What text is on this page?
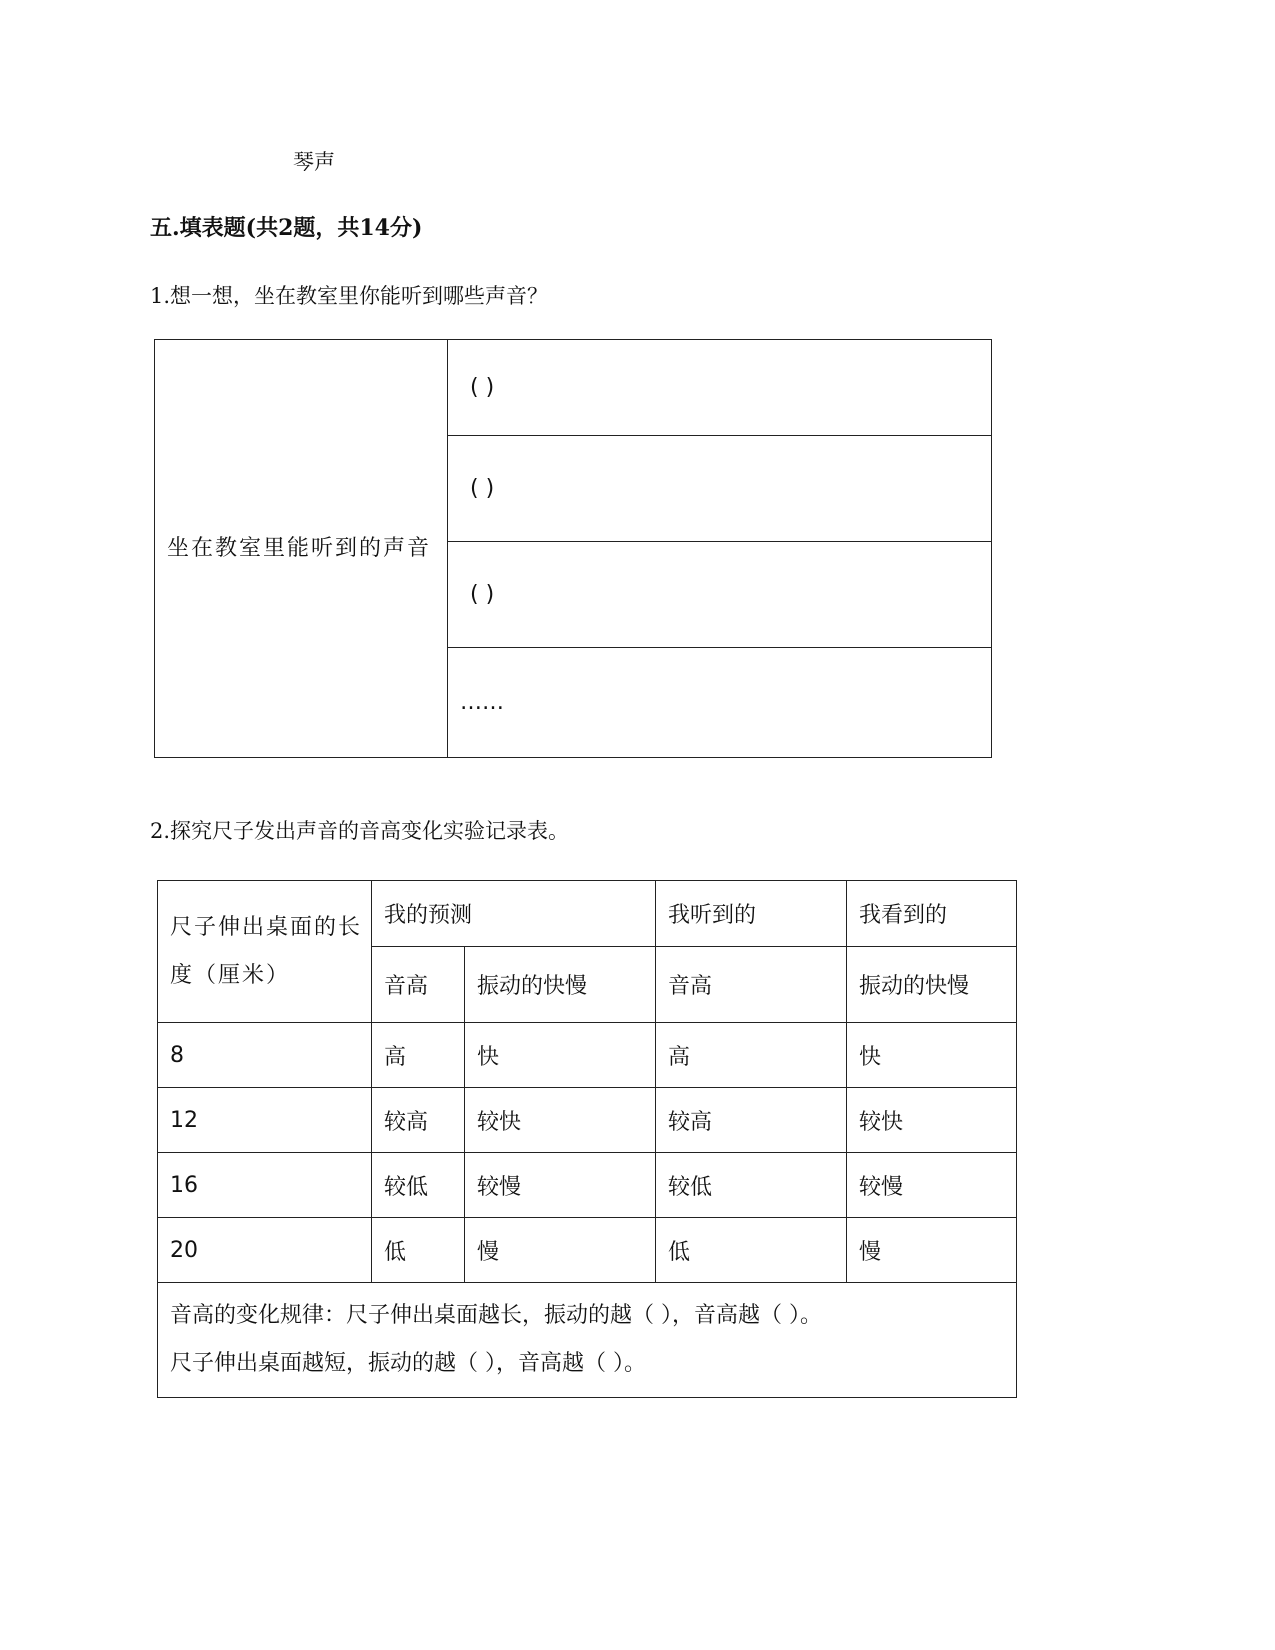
琴声
五.填表题(共2题，共14分)
1.想一想，坐在教室里你能听到哪些声音？
坐在教室里能听到的声音	( )
( )
( )
……
2.探究尺子发出声音的音高变化实验记录表。
尺子伸出桌面的长度（厘米）	我的预测		我听到的	我看到的
	音高	振动的快慢	音高	振动的快慢
8	高	快	高	快
12	较高	较快	较高	较快
16	较低	较慢	较低	较慢
20	低	慢	低	慢

音高的变化规律：尺子伸出桌面越长，振动的越（ ），音高越（ ）。
尺子伸出桌面越短，振动的越（ ），音高越（ ）。				
